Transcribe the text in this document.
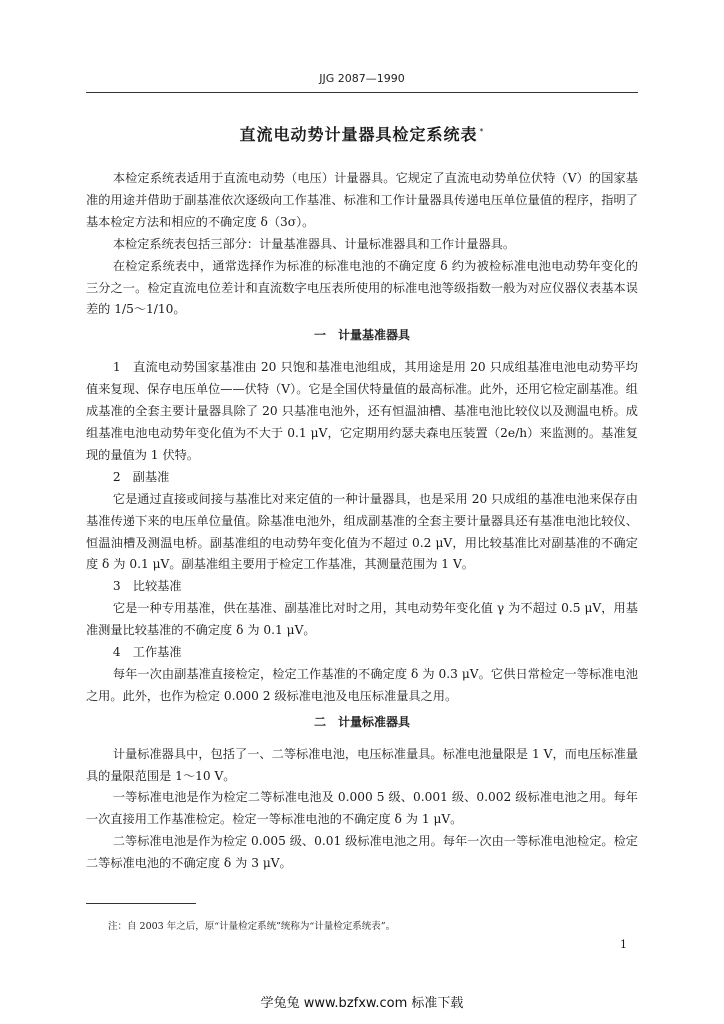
JJG 2087—1990
直流电动势计量器具检定系统表 *

本检定系统表适用于直流电动势（电压）计量器具。它规定了直流电动势单位伏特（V）的国家基准的用途并借助于副基准依次逐级向工作基准、标准和工作计量器具传递电压单位量值的程序，指明了基本检定方法和相应的不确定度 δ（3σ）。

本检定系统表包括三部分：计量基准器具、计量标准器具和工作计量器具。

在检定系统表中，通常选择作为标准的标准电池的不确定度 δ 约为被检标准电池电动势年变化的三分之一。检定直流电位差计和直流数字电压表所使用的标准电池等级指数一般为对应仪器仪表基本误差的 1/5～1/10。

一　计量基准器具

1　直流电动势国家基准由 20 只饱和基准电池组成，其用途是用 20 只成组基准电池电动势平均值来复现、保存电压单位——伏特（V）。它是全国伏特量值的最高标准。此外，还用它检定副基准。组成基准的全套主要计量器具除了 20 只基准电池外，还有恒温油槽、基准电池比较仪以及测温电桥。成组基准电池电动势年变化值为不大于 0.1 μV，它定期用约瑟夫森电压装置（2e/h）来监测的。基准复现的量值为 1 伏特。

2　副基准

它是通过直接或间接与基准比对来定值的一种计量器具，也是采用 20 只成组的基准电池来保存由基准传递下来的电压单位量值。除基准电池外，组成副基准的全套主要计量器具还有基准电池比较仪、恒温油槽及测温电桥。副基准组的电动势年变化值为不超过 0.2 μV，用比较基准比对副基准的不确定度 δ 为 0.1 μV。副基准组主要用于检定工作基准，其测量范围为 1 V。

3　比较基准

它是一种专用基准，供在基准、副基准比对时之用，其电动势年变化值 γ 为不超过 0.5 μV，用基准测量比较基准的不确定度 δ 为 0.1 μV。

4　工作基准

每年一次由副基准直接检定，检定工作基准的不确定度 δ 为 0.3 μV。它供日常检定一等标准电池之用。此外，也作为检定 0.000 2 级标准电池及电压标准量具之用。

二　计量标准器具

计量标准器具中，包括了一、二等标准电池，电压标准量具。标准电池量限是 1 V，而电压标准量具的量限范围是 1～10 V。

一等标准电池是作为检定二等标准电池及 0.000 5 级、0.001 级、0.002 级标准电池之用。每年一次直接用工作基准检定。检定一等标准电池的不确定度 δ 为 1 μV。

二等标准电池是作为检定 0.005 级、0.01 级标准电池之用。每年一次由一等标准电池检定。检定二等标准电池的不确定度 δ 为 3 μV。

注：自 2003 年之后，原“计量检定系统”统称为“计量检定系统表”。
1
学兔兔 www.bzfxw.com 标准下载
